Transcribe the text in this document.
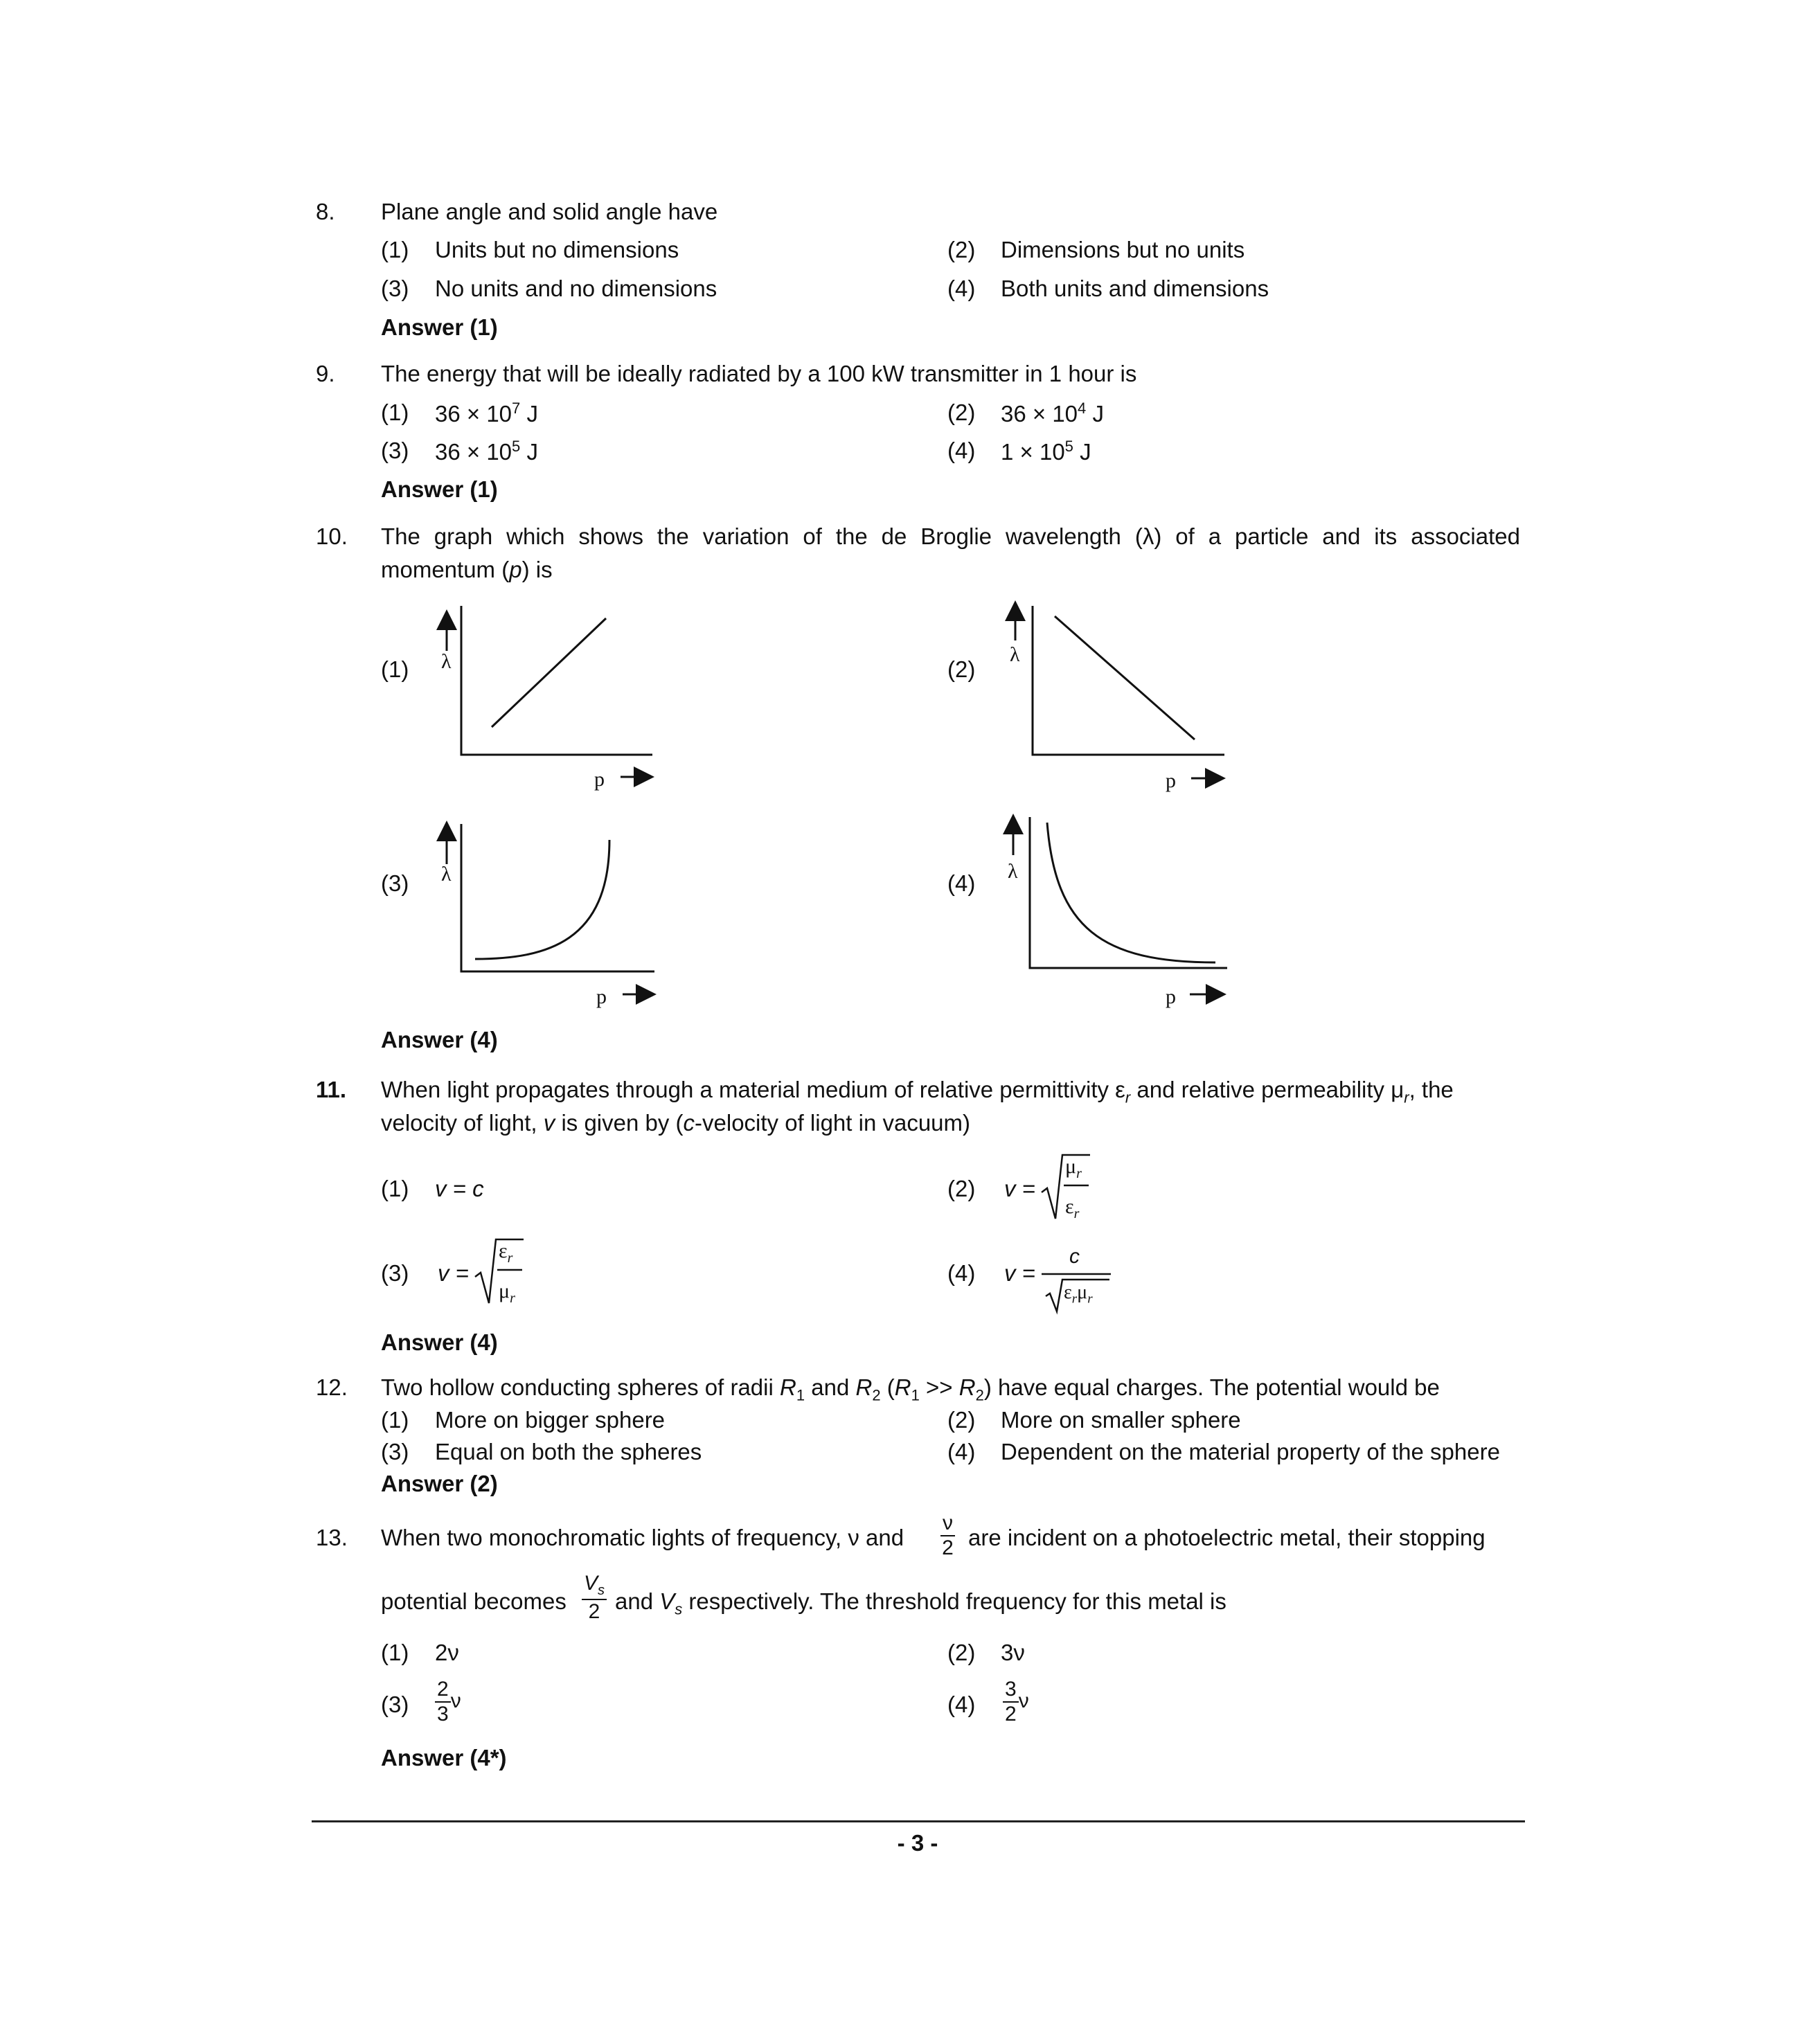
8. Plane angle and solid angle have
(1) Units but no dimensions	(2) Dimensions but no units
(3) No units and no dimensions	(4) Both units and dimensions
Answer (1)
9. The energy that will be ideally radiated by a 100 kW transmitter in 1 hour is
(1) $36 \times 10^7$ J	(2) $36 \times 10^4$ J
(3) $36 \times 10^5$ J	(4) $1 \times 10^5$ J
Answer (1)
10. The graph which shows the variation of the de Broglie wavelength (λ) of a particle and its associated
momentum (p) is
(1)	(2)
(3)	(4)
λ
p
λ
p
λ
p
λ
p
Answer (4)
11. When light propagates through a material medium of relative permittivity $\varepsilon_r$ and relative permeability $\mu_r$, the
velocity of light, v is given by (c-velocity of light in vacuum)
(1) v = c	(2) v =
$\mu_r$
$\varepsilon_r$
(3) v =
$\varepsilon_r$
$\mu_r$
(4) v =
c
$\varepsilon_r\mu_r$
Answer (4)
12. Two hollow conducting spheres of radii $R_1$ and $R_2$ $(R_1 >> R_2)$ have equal charges. The potential would be
(1) More on bigger sphere	(2) More on smaller sphere
(3) Equal on both the spheres	(4) Dependent on the material property of the sphere
Answer (2)
13. When two monochromatic lights of frequency, ν and $\frac{\nu}{2}$ are incident on a photoelectric metal, their stopping
potential becomes $\frac{V_s}{2}$ and $V_s$ respectively. The threshold frequency for this metal is
(1) 2ν	(2) 3ν
$(3) \frac{2}{3}$ ν	$(4) \frac{3}{2}$ ν
Answer (4*)
- 3 -
